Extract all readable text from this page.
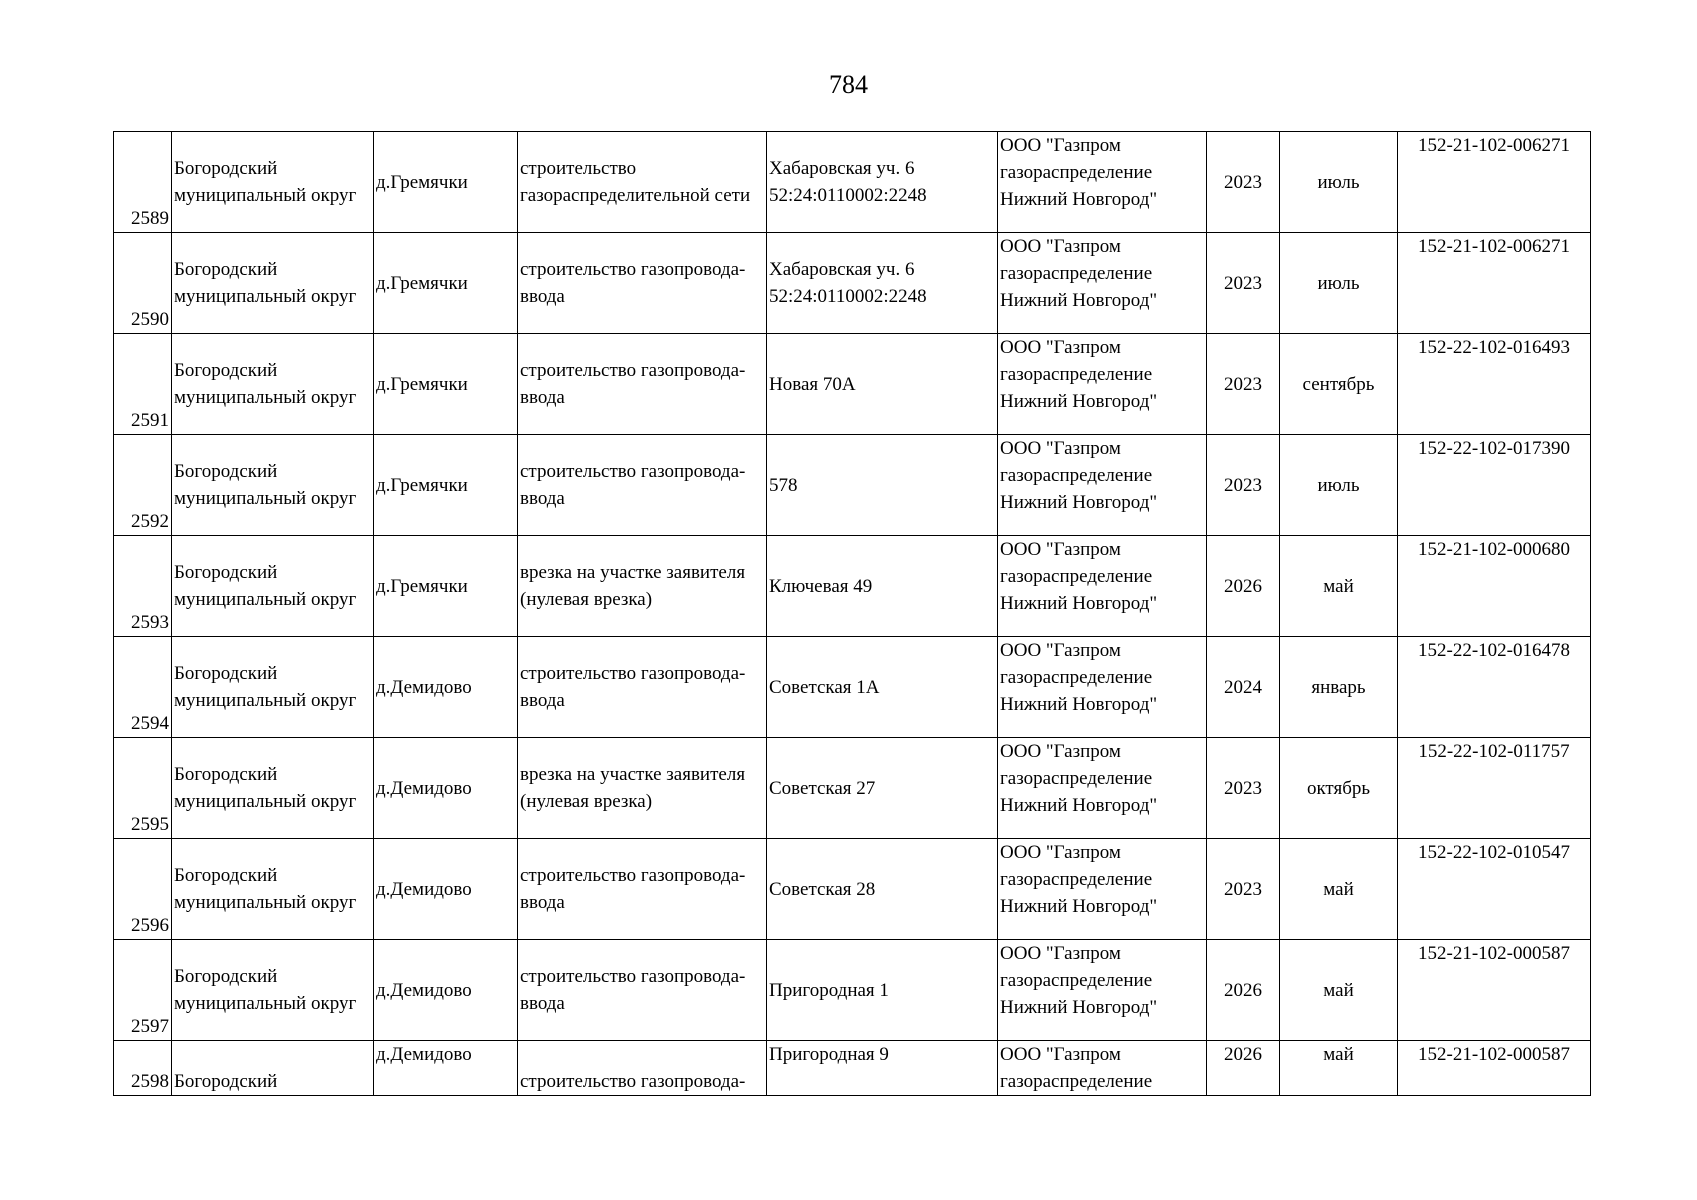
784
2589	Богородский
муниципальный округ	д.Гремячки	строительство
газораспределительной сети	Хабаровская уч. 6
52:24:0110002:2248	ООО "Газпром
газораспределение
Нижний Новгород"	2023	июль	152-21-102-006271
2590	Богородский
муниципальный округ	д.Гремячки	строительство газопровода-
ввода	Хабаровская уч. 6
52:24:0110002:2248	ООО "Газпром
газораспределение
Нижний Новгород"	2023	июль	152-21-102-006271
2591	Богородский
муниципальный округ	д.Гремячки	строительство газопровода-
ввода	Новая 70А	ООО "Газпром
газораспределение
Нижний Новгород"	2023	сентябрь	152-22-102-016493
2592	Богородский
муниципальный округ	д.Гремячки	строительство газопровода-
ввода	578	ООО "Газпром
газораспределение
Нижний Новгород"	2023	июль	152-22-102-017390
2593	Богородский
муниципальный округ	д.Гремячки	врезка на участке заявителя
(нулевая врезка)	Ключевая 49	ООО "Газпром
газораспределение
Нижний Новгород"	2026	май	152-21-102-000680
2594	Богородский
муниципальный округ	д.Демидово	строительство газопровода-
ввода	Советская 1А	ООО "Газпром
газораспределение
Нижний Новгород"	2024	январь	152-22-102-016478
2595	Богородский
муниципальный округ	д.Демидово	врезка на участке заявителя
(нулевая врезка)	Советская 27	ООО "Газпром
газораспределение
Нижний Новгород"	2023	октябрь	152-22-102-011757
2596	Богородский
муниципальный округ	д.Демидово	строительство газопровода-
ввода	Советская 28	ООО "Газпром
газораспределение
Нижний Новгород"	2023	май	152-22-102-010547
2597	Богородский
муниципальный округ	д.Демидово	строительство газопровода-
ввода	Пригородная 1	ООО "Газпром
газораспределение
Нижний Новгород"	2026	май	152-21-102-000587
2598	Богородский	д.Демидово	строительство газопровода-	Пригородная 9	ООО "Газпром
газораспределение	2026	май	152-21-102-000587
